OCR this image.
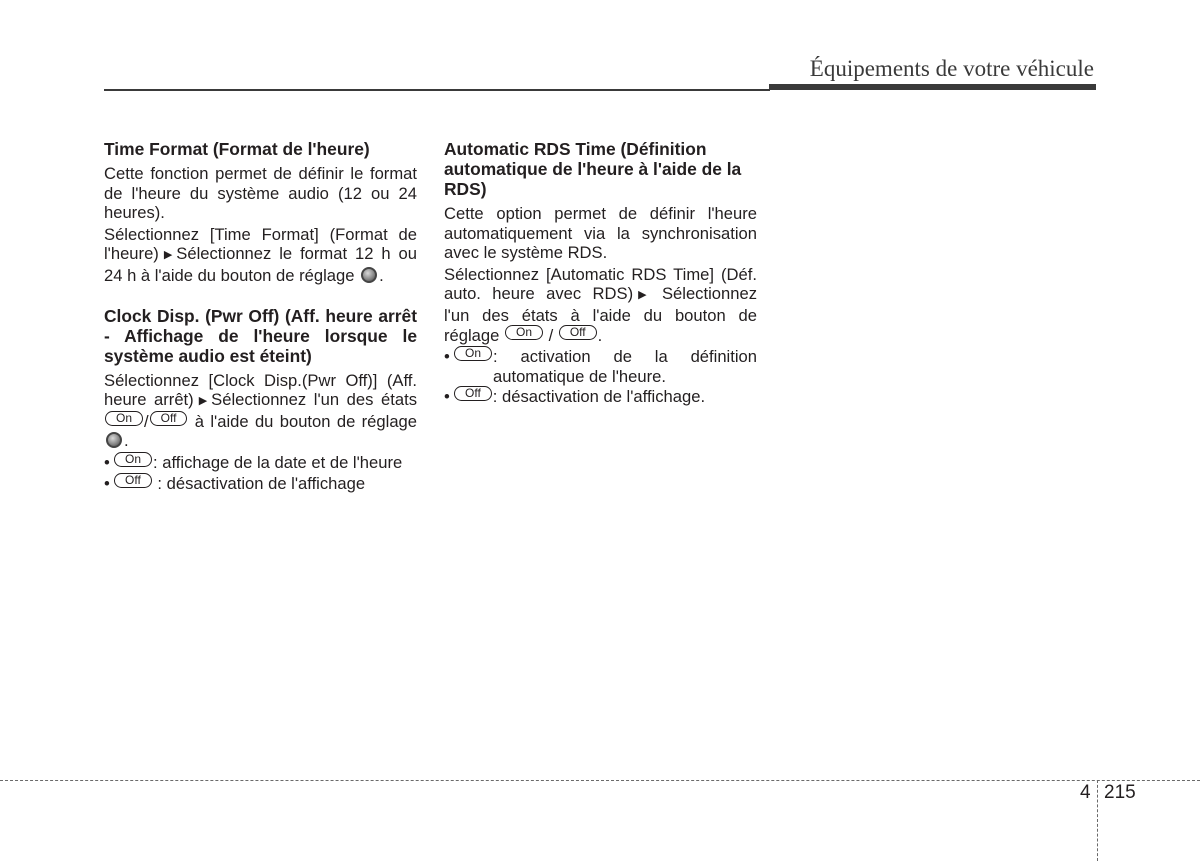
Équipements de votre véhicule
Time Format (Format de l'heure)

Cette fonction permet de définir le format de l'heure du système audio (12 ou 24 heures).

Sélectionnez [Time Format] (Format de l'heure) ▶ Sélectionnez le format 12 h ou 24 h à l'aide du bouton de réglage .

Clock Disp. (Pwr Off) (Aff. heure arrêt - Affichage de l'heure lorsque le système audio est éteint)

Sélectionnez [Clock Disp.(Pwr Off)] (Aff. heure arrêt) ▶ Sélectionnez l'un des états On / Off à l'aide du bouton de réglage .

•	On : affichage de la date et de l'heure
•	Off : désactivation de l'affichage
Automatic RDS Time (Définition automatique de l'heure à l'aide de la RDS)

Cette option permet de définir l'heure automatiquement via la synchronisation avec le système RDS.

Sélectionnez [Automatic RDS Time] (Déf. auto. heure avec RDS) ▶ Sélectionnez l'un des états à l'aide du bouton de réglage On / Off .

•	On : activation de la définition automatique de l'heure.
•	Off : désactivation de l'affichage.
4 215
